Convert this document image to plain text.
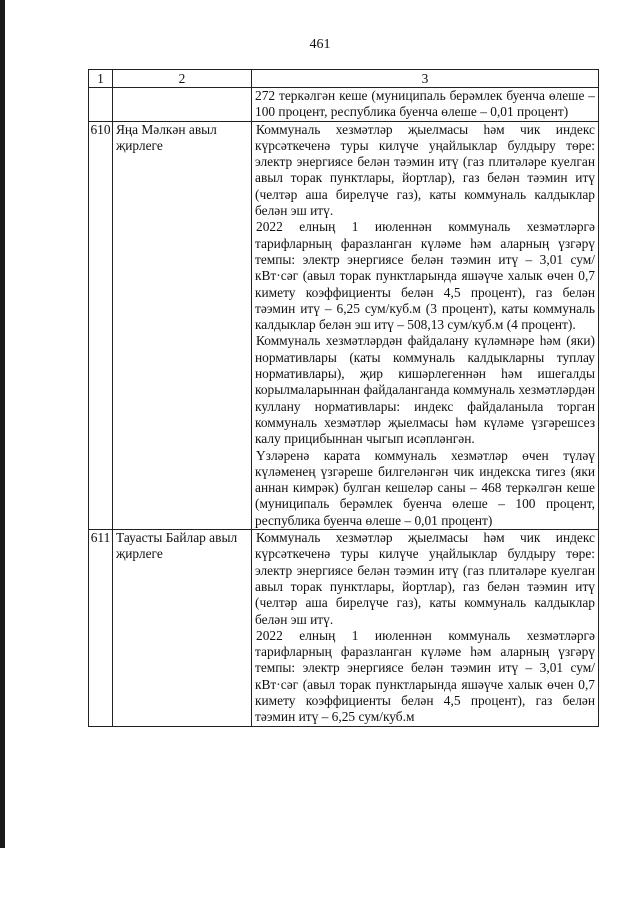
461
1	2	3

		272 теркәлгән кеше (муниципаль берәмлек буенча өлеше – 100 процент, республика буенча өлеше – 0,01 процент)

610	Яңа Мәлкән авыл җирлеге	Коммуналь хезмәтләр җыелмасы һәм чик индекс күрсәткеченә туры килүче уңайлыклар булдыру төре: электр энергиясе белән тәэмин итү (газ плитәләре куелган авыл торак пунктлары, йортлар), газ белән тәэмин итү (челтәр аша бирелүче газ), каты коммуналь калдыклар белән эш итү.

2022 елның 1 июленнән коммуналь хезмәтләргә тарифларның фаразланган күләме һәм аларның үзгәрү темпы: электр энергиясе белән тәэмин итү – 3,01 сум/кВт·сәг (авыл торак пунктларында яшәүче халык өчен 0,7 кимету коэффициенты белән 4,5 процент), газ белән тәэмин итү – 6,25 сум/куб.м (3 процент), каты коммуналь калдыклар белән эш итү – 508,13 сум/куб.м (4 процент).

Коммуналь хезмәтләрдән файдалану күләмнәре һәм (яки) нормативлары (каты коммуналь калдыкларны туплау нормативлары), җир кишәрлегеннән һәм ишегалды корылмаларыннан файдаланганда коммуналь хезмәтләрдән куллану нормативлары: индекс файдаланыла торган коммуналь хезмәтләр җыелмасы һәм күләме үзгәрешсез калу прицибыннан чыгып исәпләнгән.

Үзләренә карата коммуналь хезмәтләр өчен түләү күләменең үзгәреше билгеләнгән чик индекска тигез (яки аннан кимрәк) булган кешеләр саны – 468 теркәлгән кеше (муниципаль берәмлек буенча өлеше – 100 процент, республика буенча өлеше – 0,01 процент)

611	Тауасты Байлар авыл җирлеге	Коммуналь хезмәтләр җыелмасы һәм чик индекс күрсәткеченә туры килүче уңайлыклар булдыру төре: электр энергиясе белән тәэмин итү (газ плитәләре куелган авыл торак пунктлары, йортлар), газ белән тәэмин итү (челтәр аша бирелүче газ), каты коммуналь калдыклар белән эш итү.

2022 елның 1 июленнән коммуналь хезмәтләргә тарифларның фаразланган күләме һәм аларның үзгәрү темпы: электр энергиясе белән тәэмин итү – 3,01 сум/кВт·сәг (авыл торак пунктларында яшәүче халык өчен 0,7 кимету коэффициенты белән 4,5 процент), газ белән тәэмин итү – 6,25 сум/куб.м
